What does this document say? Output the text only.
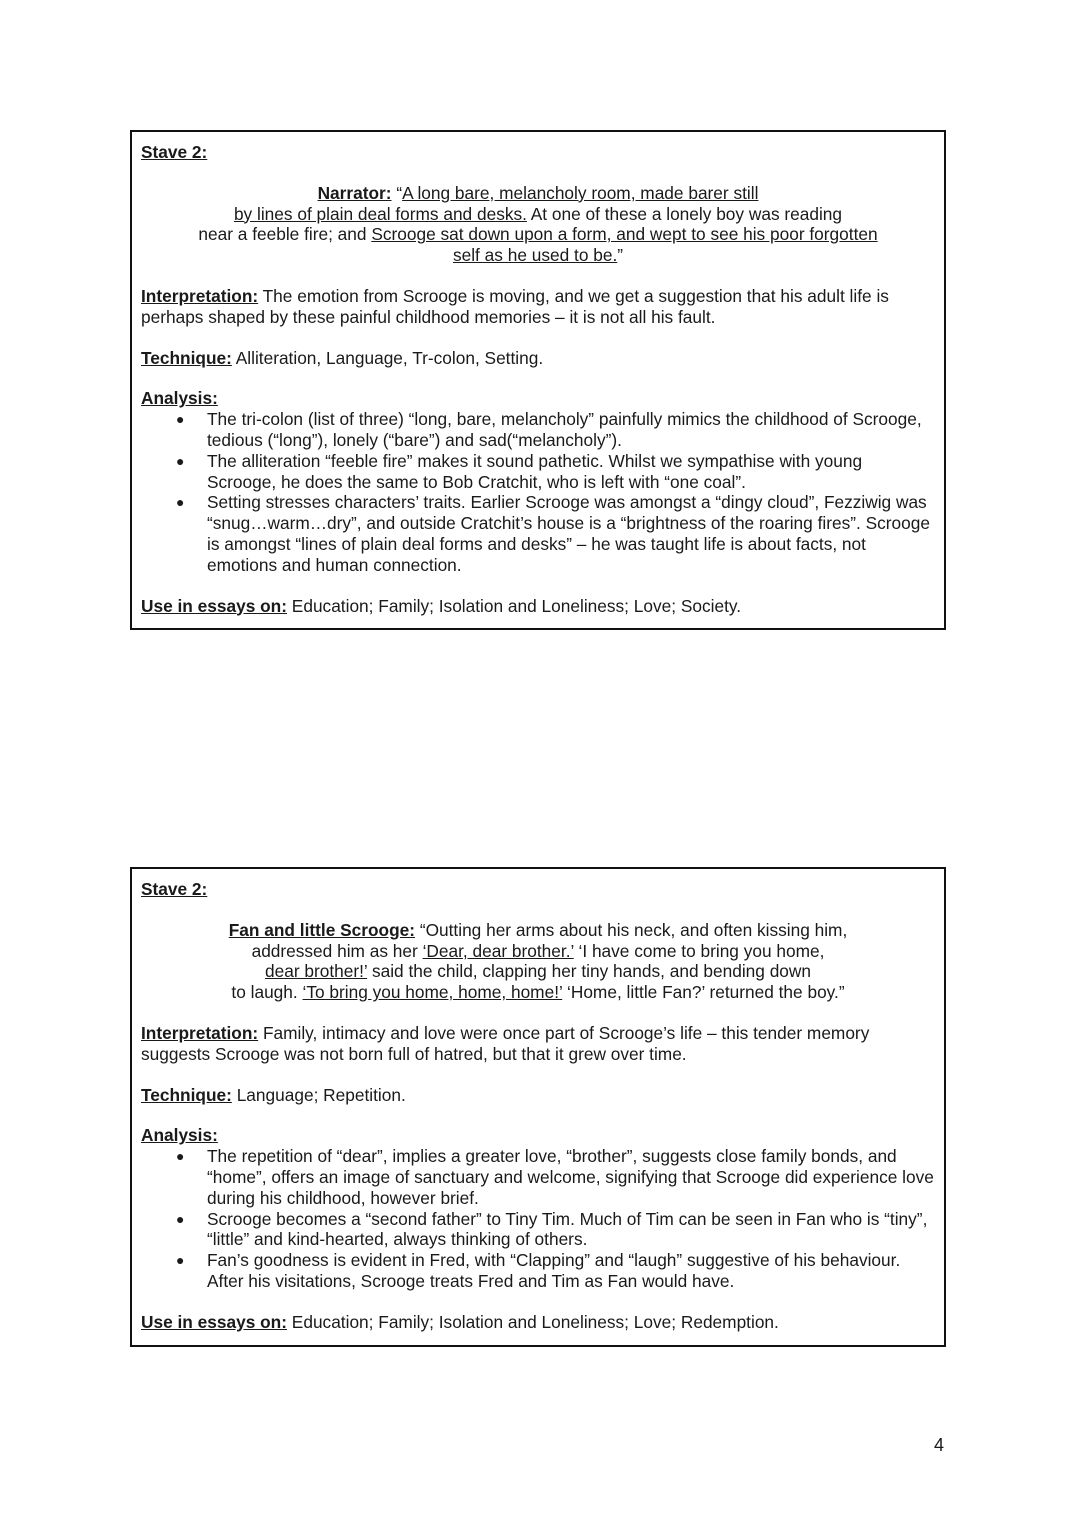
Stave 2:
Narrator: “A long bare, melancholy room, made barer still
by lines of plain deal forms and desks. At one of these a lonely boy was reading
near a feeble fire; and Scrooge sat down upon a form, and wept to see his poor forgotten
self as he used to be.”

Interpretation: The emotion from Scrooge is moving, and we get a suggestion that his adult life is perhaps shaped by these painful childhood memories – it is not all his fault.

Technique: Alliteration, Language, Tr-colon, Setting.

Analysis:
● The tri-colon (list of three) “long, bare, melancholy” painfully mimics the childhood of Scrooge, tedious (“long”), lonely (“bare”) and sad(“melancholy”).
● The alliteration “feeble fire” makes it sound pathetic. Whilst we sympathise with young Scrooge, he does the same to Bob Cratchit, who is left with “one coal”.
● Setting stresses characters’ traits. Earlier Scrooge was amongst a “dingy cloud”, Fezziwig was “snug…warm…dry”, and outside Cratchit’s house is a “brightness of the roaring fires”. Scrooge is amongst “lines of plain deal forms and desks” – he was taught life is about facts, not emotions and human connection.

Use in essays on: Education; Family; Isolation and Loneliness; Love; Society.

Stave 2:
Fan and little Scrooge: “Outting her arms about his neck, and often kissing him,
addressed him as her ‘Dear, dear brother.’ ‘I have come to bring you home,
dear brother!’ said the child, clapping her tiny hands, and bending down
to laugh. ‘To bring you home, home, home!’ ‘Home, little Fan?’ returned the boy.”

Interpretation: Family, intimacy and love were once part of Scrooge’s life – this tender memory suggests Scrooge was not born full of hatred, but that it grew over time.

Technique: Language; Repetition.

Analysis:
● The repetition of “dear”, implies a greater love, “brother”, suggests close family bonds, and “home”, offers an image of sanctuary and welcome, signifying that Scrooge did experience love during his childhood, however brief.
● Scrooge becomes a “second father” to Tiny Tim. Much of Tim can be seen in Fan who is “tiny”, “little” and kind-hearted, always thinking of others.
● Fan’s goodness is evident in Fred, with “Clapping” and “laugh” suggestive of his behaviour. After his visitations, Scrooge treats Fred and Tim as Fan would have.

Use in essays on: Education; Family; Isolation and Loneliness; Love; Redemption.

4
